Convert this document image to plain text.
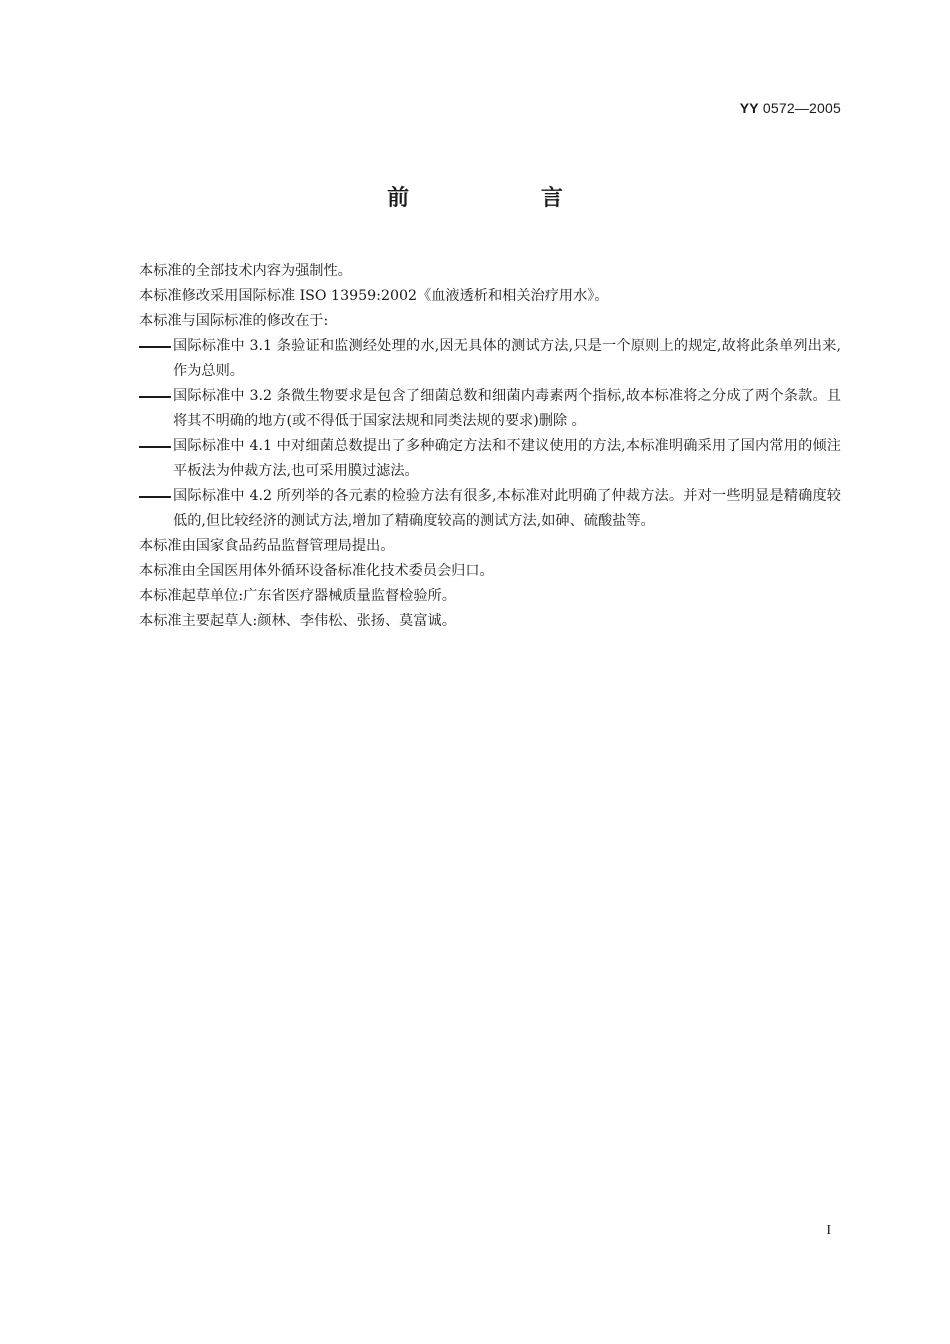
YY 0572—2005
前 言

本标准的全部技术内容为强制性。

本标准修改采用国际标准 ISO 13959:2002《血液透析和相关治疗用水》。

本标准与国际标准的修改在于:

国际标准中 3.1 条验证和监测经处理的水,因无具体的测试方法,只是一个原则上的规定,故将此条单列出来,作为总则。
国际标准中 3.2 条微生物要求是包含了细菌总数和细菌内毒素两个指标,故本标准将之分成了两个条款。且将其不明确的地方(或不得低于国家法规和同类法规的要求)删除 。
国际标准中 4.1 中对细菌总数提出了多种确定方法和不建议使用的方法,本标准明确采用了国内常用的倾注平板法为仲裁方法,也可采用膜过滤法。
国际标准中 4.2 所列举的各元素的检验方法有很多,本标准对此明确了仲裁方法。并对一些明显是精确度较低的,但比较经济的测试方法,增加了精确度较高的测试方法,如砷、硫酸盐等。

本标准由国家食品药品监督管理局提出。

本标准由全国医用体外循环设备标准化技术委员会归口。

本标准起草单位:广东省医疗器械质量监督检验所。

本标准主要起草人:颜林、李伟松、张扬、莫富诚。

I
